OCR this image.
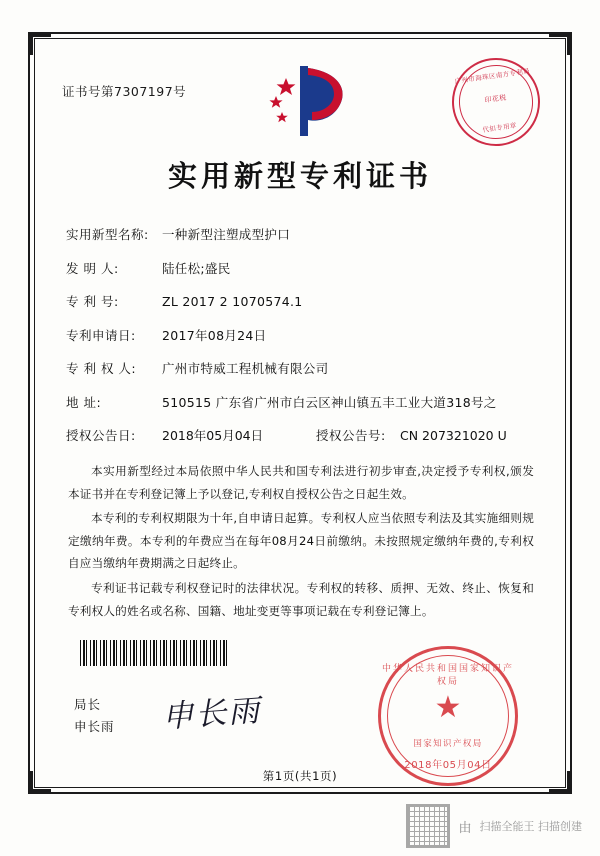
证书号第7307197号
广州市海珠区南方专利局
印花税
代扣专用章
实用新型专利证书
实用新型名称:	一种新型注塑成型护口
发 明 人:	陆任松;盛民
专 利 号:	ZL 2017 2 1070574.1
专利申请日:	2017年08月24日
专 利 权 人:	广州市特威工程机械有限公司
地 址:	510515 广东省广州市白云区神山镇五丰工业大道318号之
授权公告日:	2018年05月04日	授权公告号:	CN 207321020 U

本实用新型经过本局依照中华人民共和国专利法进行初步审查,决定授予专利权,颁发本证书并在专利登记簿上予以登记,专利权自授权公告之日起生效。

本专利的专利权期限为十年,自申请日起算。专利权人应当依照专利法及其实施细则规定缴纳年费。本专利的年费应当在每年08月24日前缴纳。未按照规定缴纳年费的,专利权自应当缴纳年费期满之日起终止。

专利证书记载专利权登记时的法律状况。专利权的转移、质押、无效、终止、恢复和专利权人的姓名或名称、国籍、地址变更等事项记载在专利登记簿上。

局长
申长雨 申长雨
中华人民共和国国家知识产权局
★
国家知识产权局
2018年05月04日
第1页(共1页)
由 扫描全能王 扫描创建
